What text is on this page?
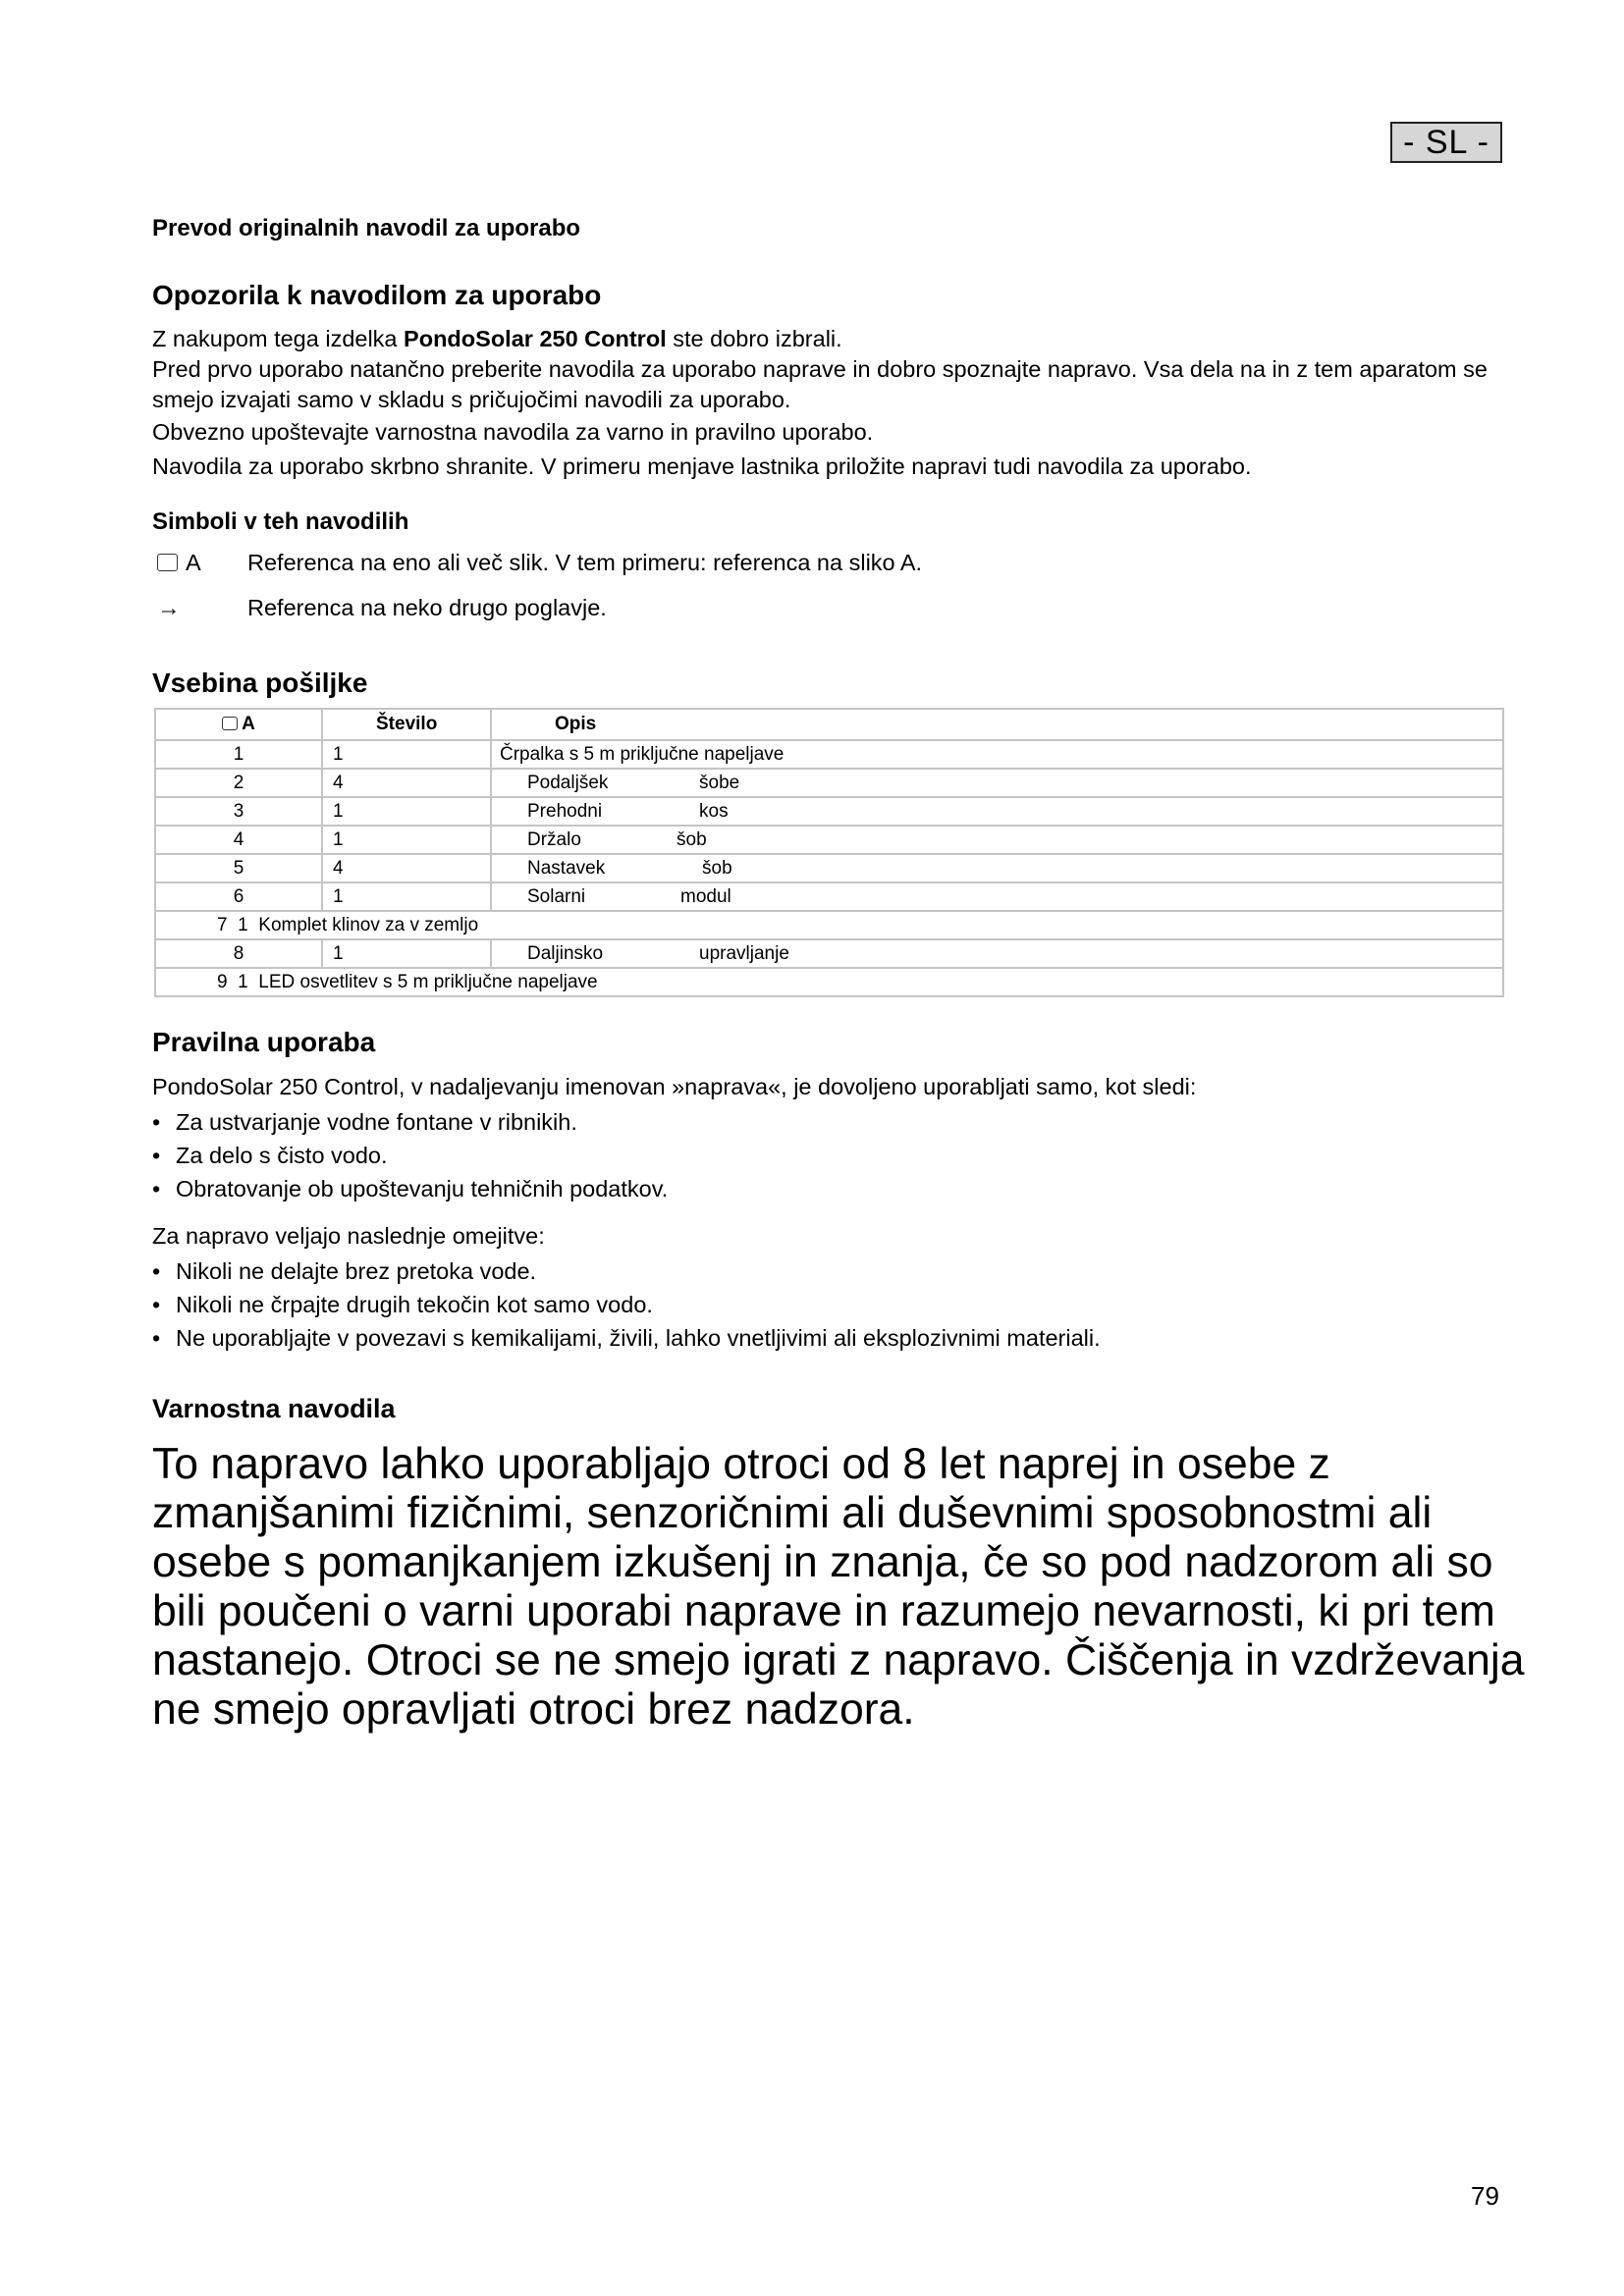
- SL -
Prevod originalnih navodil za uporabo
Opozorila k navodilom za uporabo

Z nakupom tega izdelka PondoSolar 250 Control ste dobro izbrali.

Pred prvo uporabo natančno preberite navodila za uporabo naprave in dobro spoznajte napravo. Vsa dela na in z tem aparatom se smejo izvajati samo v skladu s pričujočimi navodili za uporabo.

Obvezno upoštevajte varnostna navodila za varno in pravilno uporabo.

Navodila za uporabo skrbno shranite. V primeru menjave lastnika priložite napravi tudi navodila za uporabo.

Simboli v teh navodilih
A Referenca na eno ali več slik. V tem primeru: referenca na sliko A.
→	Referenca na neko drugo poglavje.
Vsebina pošiljke
A	Število	Opis
1	1	Črpalka s 5 m priključne napeljave
2	4	Podaljšek šobe
3	1	Prehodni kos
4	1	Držalo šob
5	4	Nastavek šob
6	1	Solarni modul
7 1 Komplet klinov za v zemljo		
8	1	Daljinsko upravljanje
9 1 LED osvetlitev s 5 m priključne napeljave		
Pravilna uporaba
PondoSolar 250 Control, v nadaljevanju imenovan »naprava«, je dovoljeno uporabljati samo, kot sledi:
• Za ustvarjanje vodne fontane v ribnikih.
• Za delo s čisto vodo.
• Obratovanje ob upoštevanju tehničnih podatkov.
Za napravo veljajo naslednje omejitve:
• Nikoli ne delajte brez pretoka vode.
• Nikoli ne črpajte drugih tekočin kot samo vodo.
• Ne uporabljajte v povezavi s kemikalijami, živili, lahko vnetljivimi ali eksplozivnimi materiali.
Varnostna navodila

To napravo lahko uporabljajo otroci od 8 let naprej in osebe z zmanjšanimi fizičnimi, senzoričnimi ali duševnimi sposobnostmi ali osebe s pomanjkanjem izkušenj in znanja, če so pod nadzorom ali so bili poučeni o varni uporabi naprave in razumejo nevarnosti, ki pri tem nastanejo. Otroci se ne smejo igrati z napravo. Čiščenja in vzdrževanja ne smejo opravljati otroci brez nadzora.

79
